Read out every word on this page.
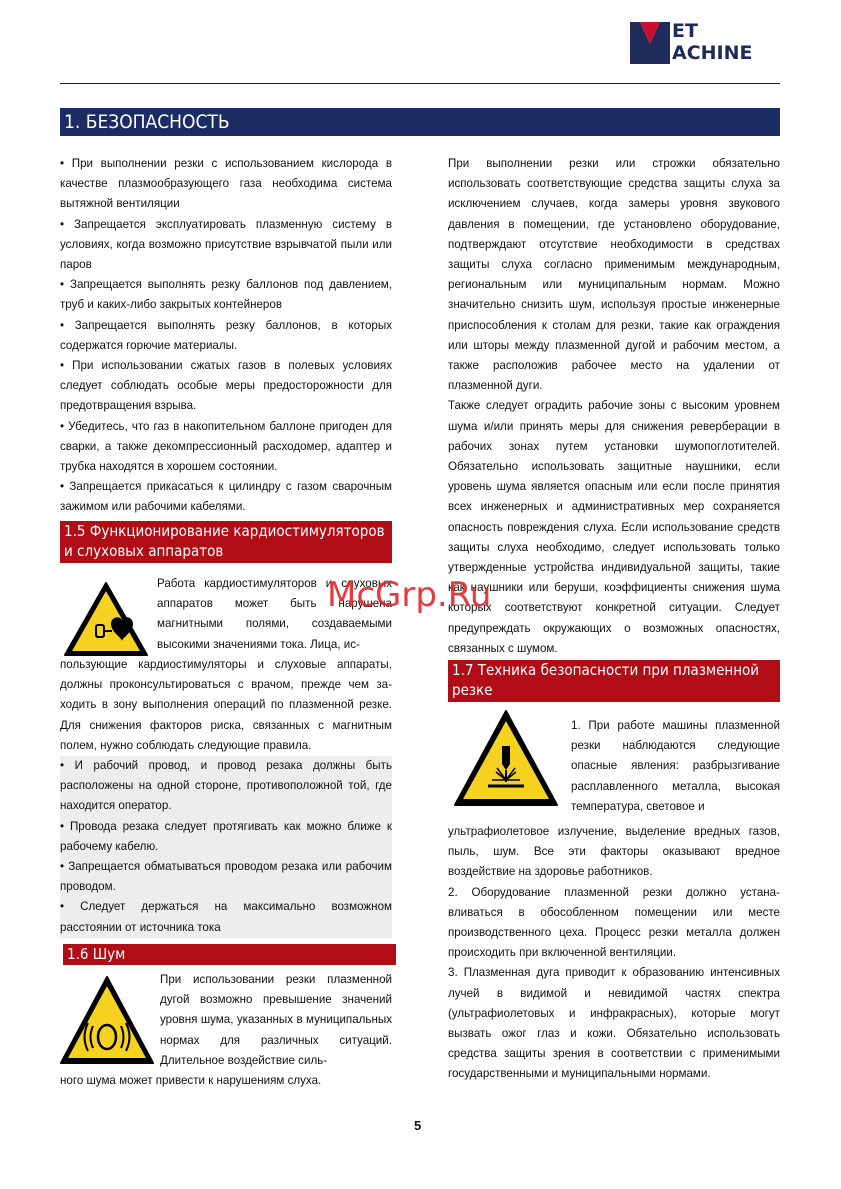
ET
ACHINE
1. БЕЗОПАСНОСТЬ

• При выполнении резки с использованием кислорода в качестве плазмообразующего газа необходима система вытяжной вентиляции

• Запрещается эксплуатировать плазменную систему в условиях, когда возможно присутствие взрывчатой пыли или паров

• Запрещается выполнять резку баллонов под давлением, труб и каких-либо закрытых контейнеров

• Запрещается выполнять резку баллонов, в которых содержатся горючие материалы.

• При использовании сжатых газов в полевых условиях следует соблюдать особые меры предосторожности для предотвращения взрыва.

• Убедитесь, что газ в накопительном баллоне пригоден для сварки, а также декомпрессионный расходомер, адаптер и трубка находятся в хорошем состоянии.

• Запрещается прикасаться к цилиндру с газом сварочным зажимом или рабочими кабелями.

1.5 Функционирование кардиостимуляторов и слуховых аппаратов
Работа кардиостимуляторов и слуховых аппаратов может быть нарушена магнитными полями, создаваемыми высокими значениями тока. Лица, ис-
пользующие кардиостимуляторы и слуховые аппараты, должны проконсультироваться с врачом, прежде чем за-ходить в зону выполнения операций по плазменной резке. Для снижения факторов риска, связанных с магнитным полем, нужно соблюдать следующие правила.

• И рабочий провод, и провод резака должны быть расположены на одной стороне, противоположной той, где находится оператор.

• Провода резака следует протягивать как можно ближе к рабочему кабелю.

• Запрещается обматываться проводом резака или рабочим проводом.

• Следует держаться на максимально возможном расстоянии от источника тока

1.6 Шум
При использовании резки плазменной дугой возможно превышение значений уровня шума, указанных в муниципальных нормах для различных ситуаций. Длительное воздействие силь-
ного шума может привести к нарушениям слуха.

При выполнении резки или строжки обязательно использовать соответствующие средства защиты слуха за исключением случаев, когда замеры уровня звукового давления в помещении, где установлено оборудование, подтверждают отсутствие необходимости в средствах защиты слуха согласно применимым международным, региональным или муниципальным нормам. Можно значительно снизить шум, используя простые инженерные приспособления к столам для резки, такие как ограждения или шторы между плазменной дугой и рабочим местом, а также расположив рабочее место на удалении от плазменной дуги.

Также следует оградить рабочие зоны с высоким уровнем шума и/или принять меры для снижения реверберации в рабочих зонах путем установки шумопоглотителей. Обязательно использовать защитные наушники, если уровень шума является опасным или если после принятия всех инженерных и административных мер сохраняется опасность повреждения слуха. Если использование средств защиты слуха необходимо, следует использовать только утвержденные устройства индивидуальной защиты, такие как наушники или беруши, коэффициенты снижения шума которых соответствуют конкретной ситуации. Следует предупреждать окружающих о возможных опасностях, связанных с шумом.

1.7 Техника безопасности при плазменной резке
1. При работе машины плазменной резки наблюдаются следующие опасные явления: разбрызгивание расплавленного металла, высокая температура, световое и

ультрафиолетовое излучение, выделение вредных газов, пыль, шум. Все эти факторы оказывают вредное воздействие на здоровье работников.

2. Оборудование плазменной резки должно устана-вливаться в обособленном помещении или месте производственного цеха. Процесс резки металла должен происходить при включенной вентиляции.

3. Плазменная дуга приводит к образованию интенсивных лучей в видимой и невидимой частях спектра (ультрафиолетовых и инфракрасных), которые могут вызвать ожог глаз и кожи. Обязательно использовать средства защиты зрения в соответствии с применимыми государственными и муниципальными нормами.

McGrp.Ru
5
